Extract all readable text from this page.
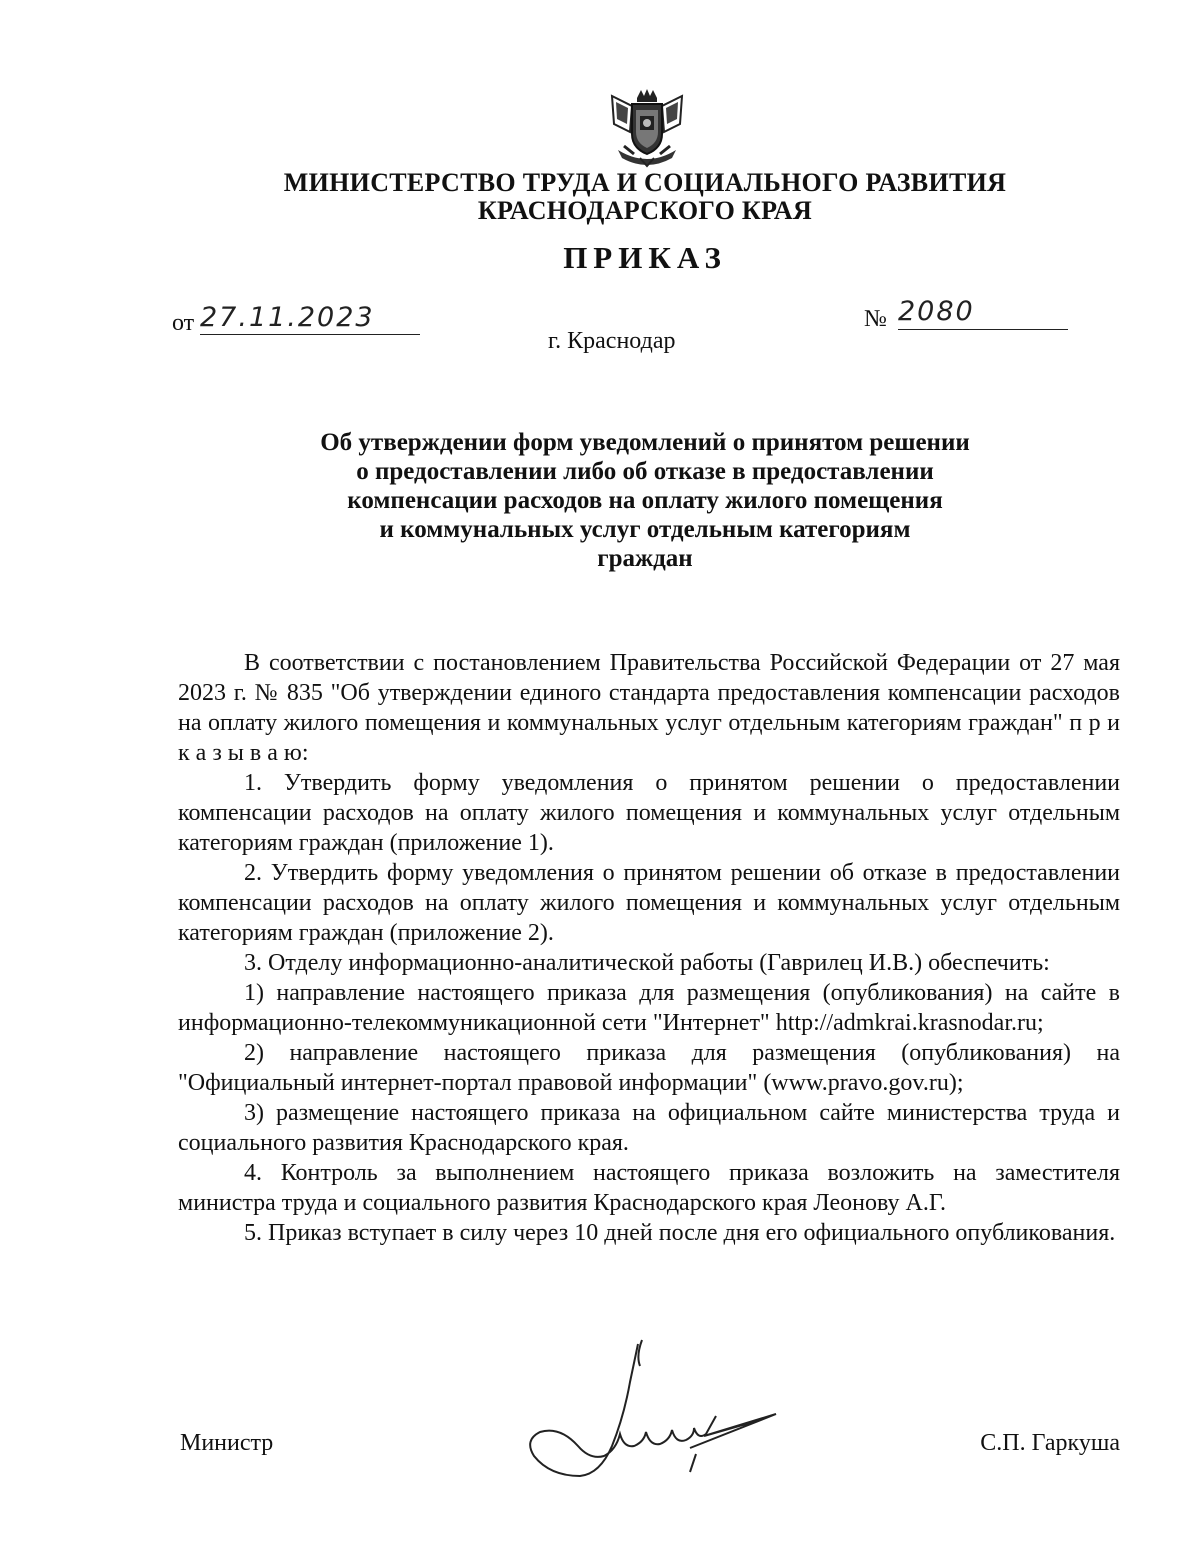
МИНИСТЕРСТВО ТРУДА И СОЦИАЛЬНОГО РАЗВИТИЯ
КРАСНОДАРСКОГО КРАЯ
ПРИКАЗ
от 27.11.2023	№ 2080
г. Краснодар
Об утверждении форм уведомлений о принятом решении
о предоставлении либо об отказе в предоставлении
компенсации расходов на оплату жилого помещения
и коммунальных услуг отдельным категориям
граждан

В соответствии с постановлением Правительства Российской Федерации от 27 мая 2023 г. № 835 "Об утверждении единого стандарта предоставления компенсации расходов на оплату жилого помещения и коммунальных услуг отдельным категориям граждан" п р и к а з ы в а ю:

1. Утвердить форму уведомления о принятом решении о предоставлении компенсации расходов на оплату жилого помещения и коммунальных услуг отдельным категориям граждан (приложение 1).

2. Утвердить форму уведомления о принятом решении об отказе в предоставлении компенсации расходов на оплату жилого помещения и коммунальных услуг отдельным категориям граждан (приложение 2).

3. Отделу информационно-аналитической работы (Гаврилец И.В.) обеспечить:

1) направление настоящего приказа для размещения (опубликования) на сайте в информационно-телекоммуникационной сети "Интернет" http://admkrai.krasnodar.ru;

2) направление настоящего приказа для размещения (опубликования) на "Официальный интернет-портал правовой информации" (www.pravo.gov.ru);

3) размещение настоящего приказа на официальном сайте министерства труда и социального развития Краснодарского края.

4. Контроль за выполнением настоящего приказа возложить на заместителя министра труда и социального развития Краснодарского края Леонову А.Г.

5. Приказ вступает в силу через 10 дней после дня его официального опубликования.

Министр	С.П. Гаркуша
